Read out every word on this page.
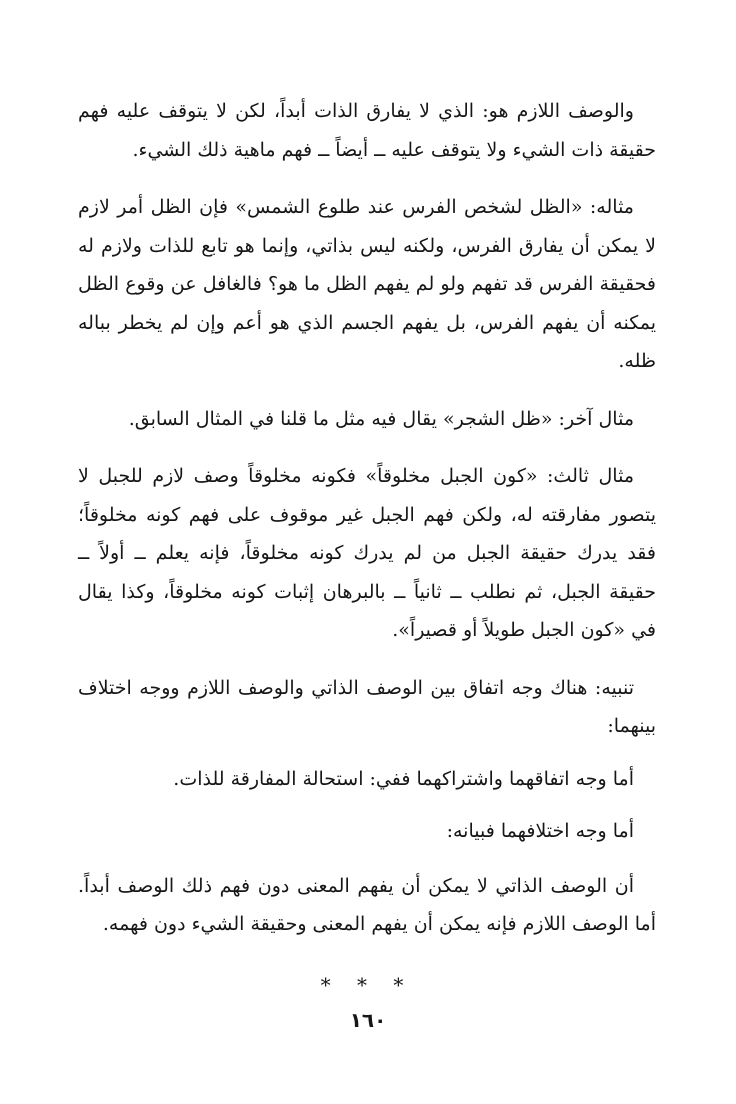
والوصف اللازم هو: الذي لا يفارق الذات أبداً، لكن لا يتوقف عليه فهم حقيقة ذات الشيء ولا يتوقف عليه ــ أيضاً ــ فهم ماهية ذلك الشيء.

مثاله: «الظل لشخص الفرس عند طلوع الشمس» فإن الظل أمر لازم لا يمكن أن يفارق الفرس، ولكنه ليس بذاتي، وإنما هو تابع للذات ولازم له فحقيقة الفرس قد تفهم ولو لم يفهم الظل ما هو؟ فالغافل عن وقوع الظل يمكنه أن يفهم الفرس، بل يفهم الجسم الذي هو أعم وإن لم يخطر بباله ظله.

مثال آخر: «ظل الشجر» يقال فيه مثل ما قلنا في المثال السابق.

مثال ثالث: «كون الجبل مخلوقاً» فكونه مخلوقاً وصف لازم للجبل لا يتصور مفارقته له، ولكن فهم الجبل غير موقوف على فهم كونه مخلوقاً؛ فقد يدرك حقيقة الجبل من لم يدرك كونه مخلوقاً، فإنه يعلم ــ أولاً ــ حقيقة الجبل، ثم نطلب ــ ثانياً ــ بالبرهان إثبات كونه مخلوقاً، وكذا يقال في «كون الجبل طويلاً أو قصيراً».

تنبيه: هناك وجه اتفاق بين الوصف الذاتي والوصف اللازم ووجه اختلاف بينهما:

أما وجه اتفاقهما واشتراكهما ففي: استحالة المفارقة للذات.

أما وجه اختلافهما فبيانه:

أن الوصف الذاتي لا يمكن أن يفهم المعنى دون فهم ذلك الوصف أبداً. أما الوصف اللازم فإنه يمكن أن يفهم المعنى وحقيقة الشيء دون فهمه.

* * *
١٦٠
